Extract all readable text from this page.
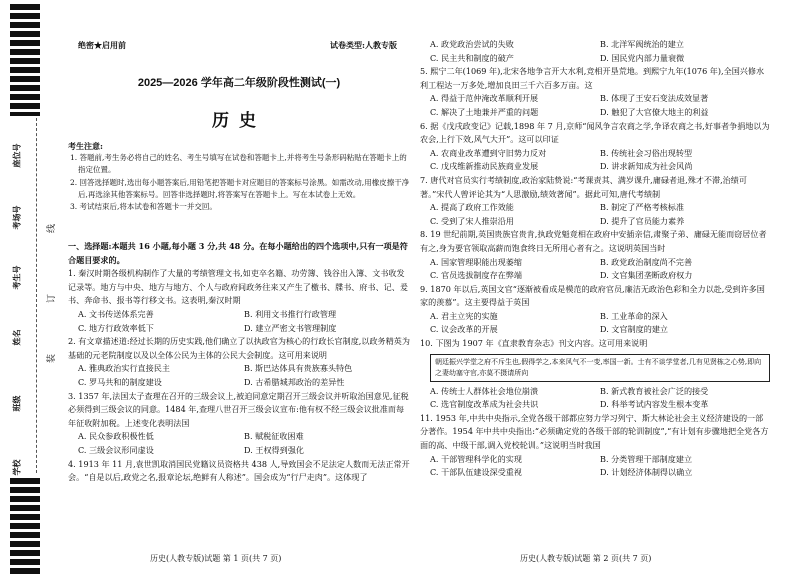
座位号
考场号
考生号
姓名
班级
学校
线
订
装
绝密★启用前	试卷类型:人教专版
2025—2026 学年高二年级阶段性测试(一)
历史
考生注意:

1. 答题前,考生务必将自己的姓名、考生号填写在试卷和答题卡上,并将考生号条形码粘贴在答题卡上的指定位置。

2. 回答选择题时,选出每小题答案后,用铅笔把答题卡对应题目的答案标号涂黑。如需改动,用橡皮擦干净后,再选涂其他答案标号。回答非选择题时,将答案写在答题卡上。写在本试卷上无效。

3. 考试结束后,将本试卷和答题卡一并交回。

一、选择题:本题共 16 小题,每小题 3 分,共 48 分。在每小题给出的四个选项中,只有一项是符合题目要求的。

1. 秦汉时期各级机构制作了大量的考绩管理文书,如吏卒名籍、功劳簿、钱谷出入簿、文书收发记录等。地方与中央、地方与地方、个人与政府间政务往来又产生了檄书、牒书、府书、记、爰书、奔命书、报书等行移文书。这表明,秦汉时期

A. 文书传送体系完善	B. 利用文书推行行政管理
C. 地方行政效率低下	D. 建立严密文书管理制度

2. 有文章描述道:经过长期的历史实践,他们确立了以执政官为核心的行政长官制度,以政务精英为基础的元老院制度以及以全体公民为主体的公民大会制度。这可用来说明

A. 雅典政治实行直接民主	B. 斯巴达体具有贵族寡头特色
C. 罗马共和的制度建设	D. 古希腊城邦政治的差异性

3. 1357 年,法国太子查理在召开的三级会议上,被迫同意定期召开三级会议并听取治国意见,征税必须得到三级会议的同意。1484 年,查理八世召开三级会议宣布:他有权不经三级会议批准而每年征收附加税。上述变化表明法国

A. 民众参政积极性低	B. 赋税征收困难
C. 三级会议形同虚设	D. 王权得到强化

4. 1913 年 11 月,袁世凯取消国民党籍议员资格共 438 人,导致国会不足法定人数而无法正常开会。“自是以后,政党之名,报章论坛,绝鲜有人称述”。国会成为“行尸走肉”。这体现了

A. 政党政治尝试的失败	B. 北洋军阀统治的建立
C. 民主共和制度的破产	D. 国民党内部力量衰微

5. 熙宁二年(1069 年),北宋各地争言开大水利,竞相开垦荒地。到熙宁九年(1076 年),全国兴修水利工程达一万多处,增加良田三千六百多万亩。这

A. 得益于范仲淹改革顺利开展	B. 体现了王安石变法成效显著
C. 解决了土地兼并严重的问题	D. 触犯了大官僚大地主的利益

6. 据《戊戌政变记》记载,1898 年 7 月,京师“闻风争言农商之学,争译农商之书,好事者争捐地以为农会,上行下效,风气大开”。这可以印证

A. 农商业改革遭到守旧势力反对	B. 传统社会习俗出现转型
C. 戊戌维新推动民族商业发展	D. 讲求新知成为社会风尚

7. 唐代对官员实行考绩制度,政治家陆贽说:“考课责其、满岁课升,庸碌者退,殊才不滞,治绩可著。”宋代人曾评论其为“人思激励,绩效著闻”。据此可知,唐代考绩制

A. 提高了政府工作效能	B. 制定了严格考核标准
C. 受到了宋人推崇沿用	D. 提升了官员能力素养

8. 19 世纪前期,英国贵族官贵肯,执政党魁竟相在政府中安插亲信,肃聚子弟、庸碌无能而窃居位者有之,身为要官领取高薪而饱食终日无所用心者有之。这说明英国当时

A. 国家管理职能出现萎缩	B. 政党政治制度尚不完善
C. 官员选拔制度存在弊端	D. 文官集团垄断政府权力

9. 1870 年以后,英国文官“逐渐被看成是模范的政府官员,廉洁无政治色彩和全力以赴,受到许多国家的羡慕”。这主要得益于英国

A. 君主立宪的实施	B. 工业革命的深入
C. 议会改革的开展	D. 文官制度的建立

10. 下图为 1907 年《直隶教育杂志》刊文内容。这可用来说明

朝廷振兴学堂之府不斥生也,假得学之,本来风气不一变,率国一新。士有不谈学堂者,几有见贤栋之心势,即向之妻幼塞守官,亦莫不摄请所向
A. 传统士人群体社会地位崩溃	B. 新式教育被社会广泛的接受
C. 选官制度改革成为社会共识	D. 科举考试内容发生根本变革

11. 1953 年,中共中央指示,全党各级干部都应努力学习列宁、斯大林论社会主义经济建设的一部分著作。1954 年中共中央指出:“必须确定党的各级干部的轮训制度”,“有计划有步骤地把全党各方面的高、中级干部,调入党校轮训。”这说明当时我国

A. 干部管理科学化的实现	B. 分类管理干部制度建立
C. 干部队伍建设深受重视	D. 计划经济体制得以确立
历史(人教专版)试题 第 1 页(共 7 页)	历史(人教专版)试题 第 2 页(共 7 页)
